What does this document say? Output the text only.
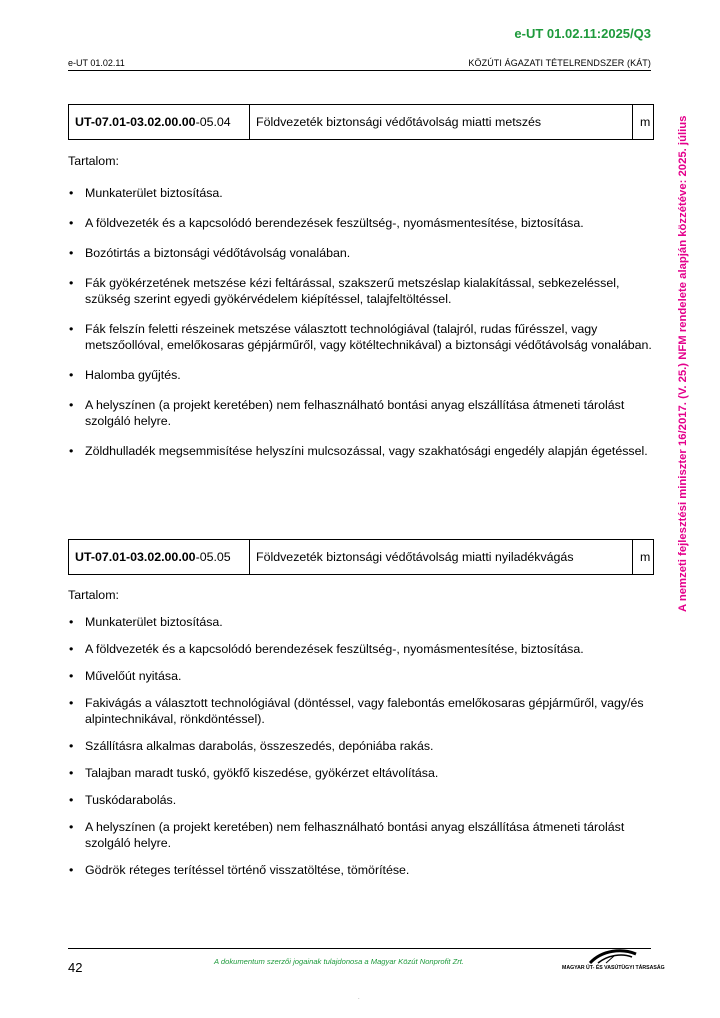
e-UT 01.02.11:2025/Q3
e-UT 01.02.11	KÖZÚTI ÁGAZATI TÉTELRENDSZER (KÁT)
A nemzeti fejlesztési miniszter 16/2017. (V. 25.) NFM rendelete alapján közzétéve: 2025. július
UT-07.01-03.02.00.00 -05.04	Földvezeték biztonsági védőtávolság miatti metszés	m

Tartalom:

• Munkaterület biztosítása.
• A földvezeték és a kapcsolódó berendezések feszültség-, nyomásmentesítése, biztosítása.
• Bozótirtás a biztonsági védőtávolság vonalában.
• Fák gyökérzetének metszése kézi feltárással, szakszerű metszéslap kialakítással, sebkezeléssel, szükség szerint egyedi gyökérvédelem kiépítéssel, talajfeltöltéssel.
• Fák felszín feletti részeinek metszése választott technológiával (talajról, rudas fűrésszel, vagy metszőollóval, emelőkosaras gépjárműről, vagy kötéltechnikával) a biztonsági védőtávolság vonalában.
• Halomba gyűjtés.
• A helyszínen (a projekt keretében) nem felhasználható bontási anyag elszállítása átmeneti tárolást szolgáló helyre.
• Zöldhulladék megsemmisítése helyszíni mulcsozással, vagy szakhatósági engedély alapján égetéssel.
UT-07.01-03.02.00.00 -05.05	Földvezeték biztonsági védőtávolság miatti nyiladékvágás	m

Tartalom:

• Munkaterület biztosítása.
• A földvezeték és a kapcsolódó berendezések feszültség-, nyomásmentesítése, biztosítása.
• Művelőút nyitása.
• Fakivágás a választott technológiával (döntéssel, vagy falebontás emelőkosaras gépjárműről, vagy/és alpintechnikával, rönkdöntéssel).
• Szállításra alkalmas darabolás, összeszedés, depóniába rakás.
• Talajban maradt tuskó, gyökfő kiszedése, gyökérzet eltávolítása.
• Tuskódarabolás.
• A helyszínen (a projekt keretében) nem felhasználható bontási anyag elszállítása átmeneti tárolást szolgáló helyre.
• Gödrök réteges terítéssel történő visszatöltése, tömörítése.
42	A dokumentum szerzői jogainak tulajdonosa a Magyar Közút Nonprofit Zrt.
MAGYAR ÚT- ÉS VASÚTÜGYI TÁRSASÁG
.
